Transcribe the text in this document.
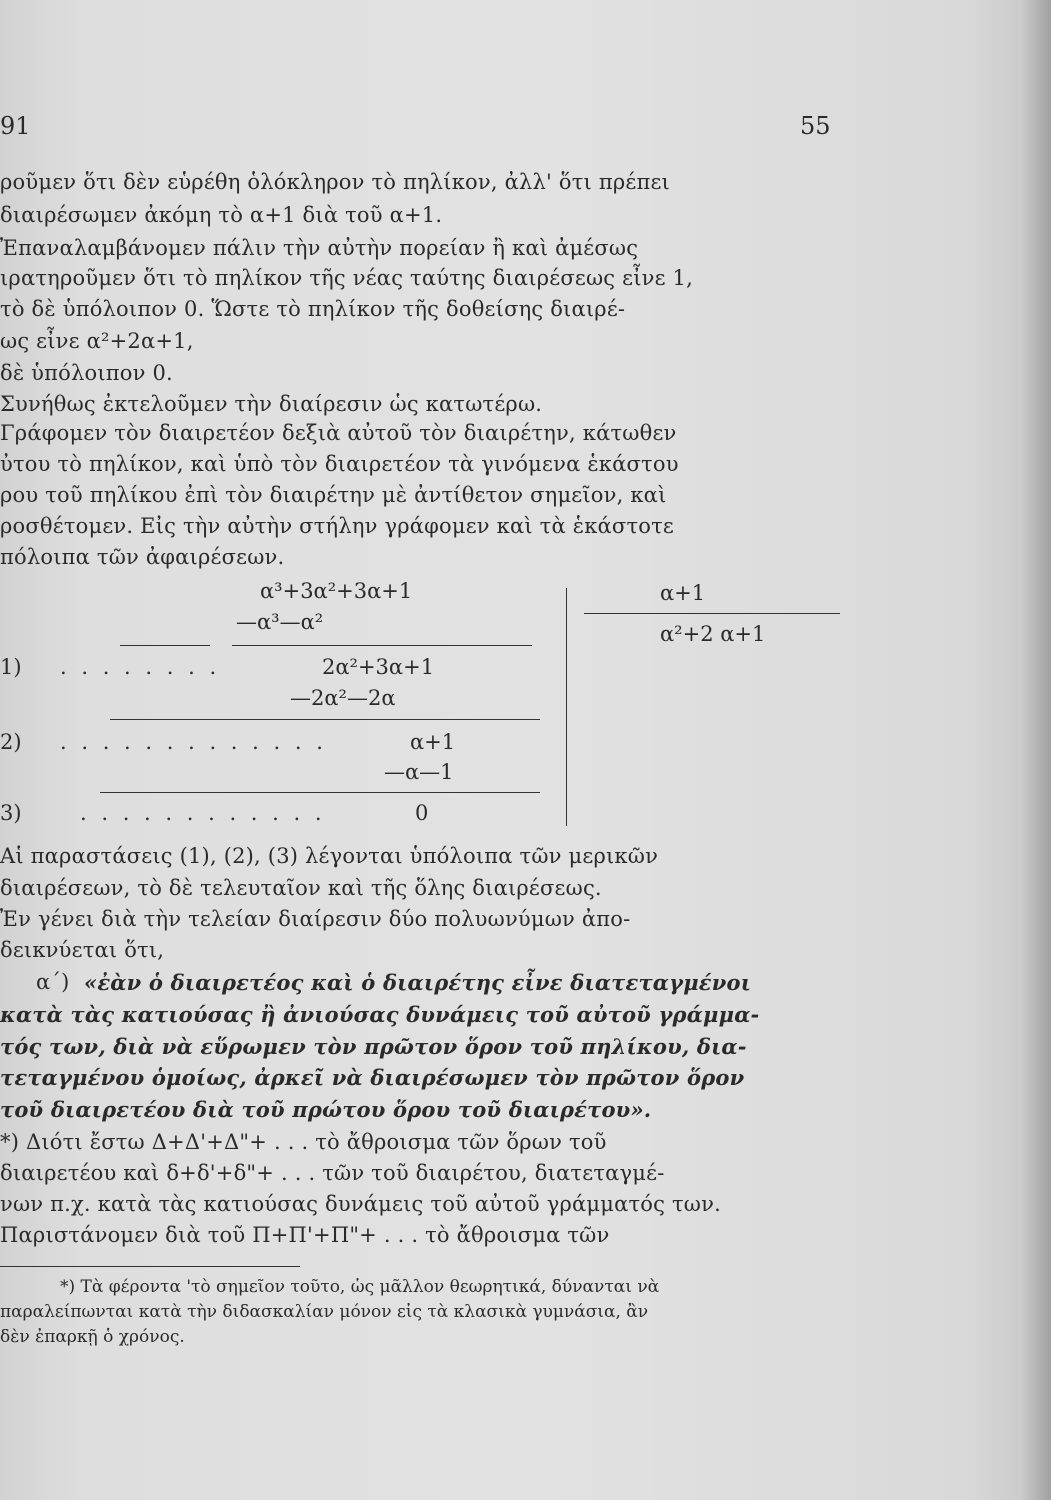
91	55
ροῦμεν ὅτι δὲν εὑρέθη ὁλόκληρον τὸ πηλίκον, ἀλλ' ὅτι πρέπει
διαιρέσωμεν ἀκόμη τὸ α+1 διὰ τοῦ α+1.
Ἐπαναλαμβάνομεν πάλιν τὴν αὐτὴν πορείαν ἢ καὶ ἀμέσως
ιρατηροῦμεν ὅτι τὸ πηλίκον τῆς νέας ταύτης διαιρέσεως εἶνε 1,
τὸ δὲ ὑπόλοιπον 0. Ὥστε τὸ πηλίκον τῆς δοθείσης διαιρέ-
ως εἶνε α²+2α+1,
δὲ ὑπόλοιπον 0.
Συνήθως ἐκτελοῦμεν τὴν διαίρεσιν ὡς κατωτέρω.
Γράφομεν τὸν διαιρετέον δεξιὰ αὐτοῦ τὸν διαιρέτην, κάτωθεν
ὐτου τὸ πηλίκον, καὶ ὑπὸ τὸν διαιρετέον τὰ γινόμενα ἑκάστου
ρου τοῦ πηλίκου ἐπὶ τὸν διαιρέτην μὲ ἀντίθετον σημεῖον, καὶ
ροσθέτομεν. Εἰς τὴν αὐτὴν στήλην γράφομεν καὶ τὰ ἑκάστοτε
πόλοιπα τῶν ἀφαιρέσεων.
α³+3α²+3α+1
—α³—α²
1) . . . . . . . .	2α²+3α+1
—2α²—2α
2) . . . . . . . . . . . . .	α+1
—α—1
3)	. . . . . . . . . . . .	0
α+1
α²+2 α+1
Αἱ παραστάσεις (1), (2), (3) λέγονται ὑπόλοιπα τῶν μερικῶν
διαιρέσεων, τὸ δὲ τελευταῖον καὶ τῆς ὅλης διαιρέσεως.
Ἐν γένει διὰ τὴν τελείαν διαίρεσιν δύο πολυωνύμων ἀπο-
δεικνύεται ὅτι,
α΄) «ἐὰν ὁ διαιρετέος καὶ ὁ διαιρέτης εἶνε διατεταγμένοι
κατὰ τὰς κατιούσας ἢ ἀνιούσας δυνάμεις τοῦ αὐτοῦ γράμμα-
τός των, διὰ νὰ εὕρωμεν τὸν πρῶτον ὅρον τοῦ πηλίκου, δια-
τεταγμένου ὁμοίως, ἀρκεῖ νὰ διαιρέσωμεν τὸν πρῶτον ὅρον
τοῦ διαιρετέου διὰ τοῦ πρώτου ὅρου τοῦ διαιρέτου».
*) Διότι ἔστω Δ+Δ'+Δ"+ . . . τὸ ἄθροισμα τῶν ὅρων τοῦ
διαιρετέου καὶ δ+δ'+δ"+ . . . τῶν τοῦ διαιρέτου, διατεταγμέ-
νων π.χ. κατὰ τὰς κατιούσας δυνάμεις τοῦ αὐτοῦ γράμματός των.
Παριστάνομεν διὰ τοῦ Π+Π'+Π"+ . . . τὸ ἄθροισμα τῶν
*) Τὰ φέροντα 'τὸ σημεῖον τοῦτο, ὡς μᾶλλον θεωρητικά, δύνανται νὰ
παραλείπωνται κατὰ τὴν διδασκαλίαν μόνον εἰς τὰ κλασικὰ γυμνάσια, ἂν
δὲν ἐπαρκῇ ὁ χρόνος.
